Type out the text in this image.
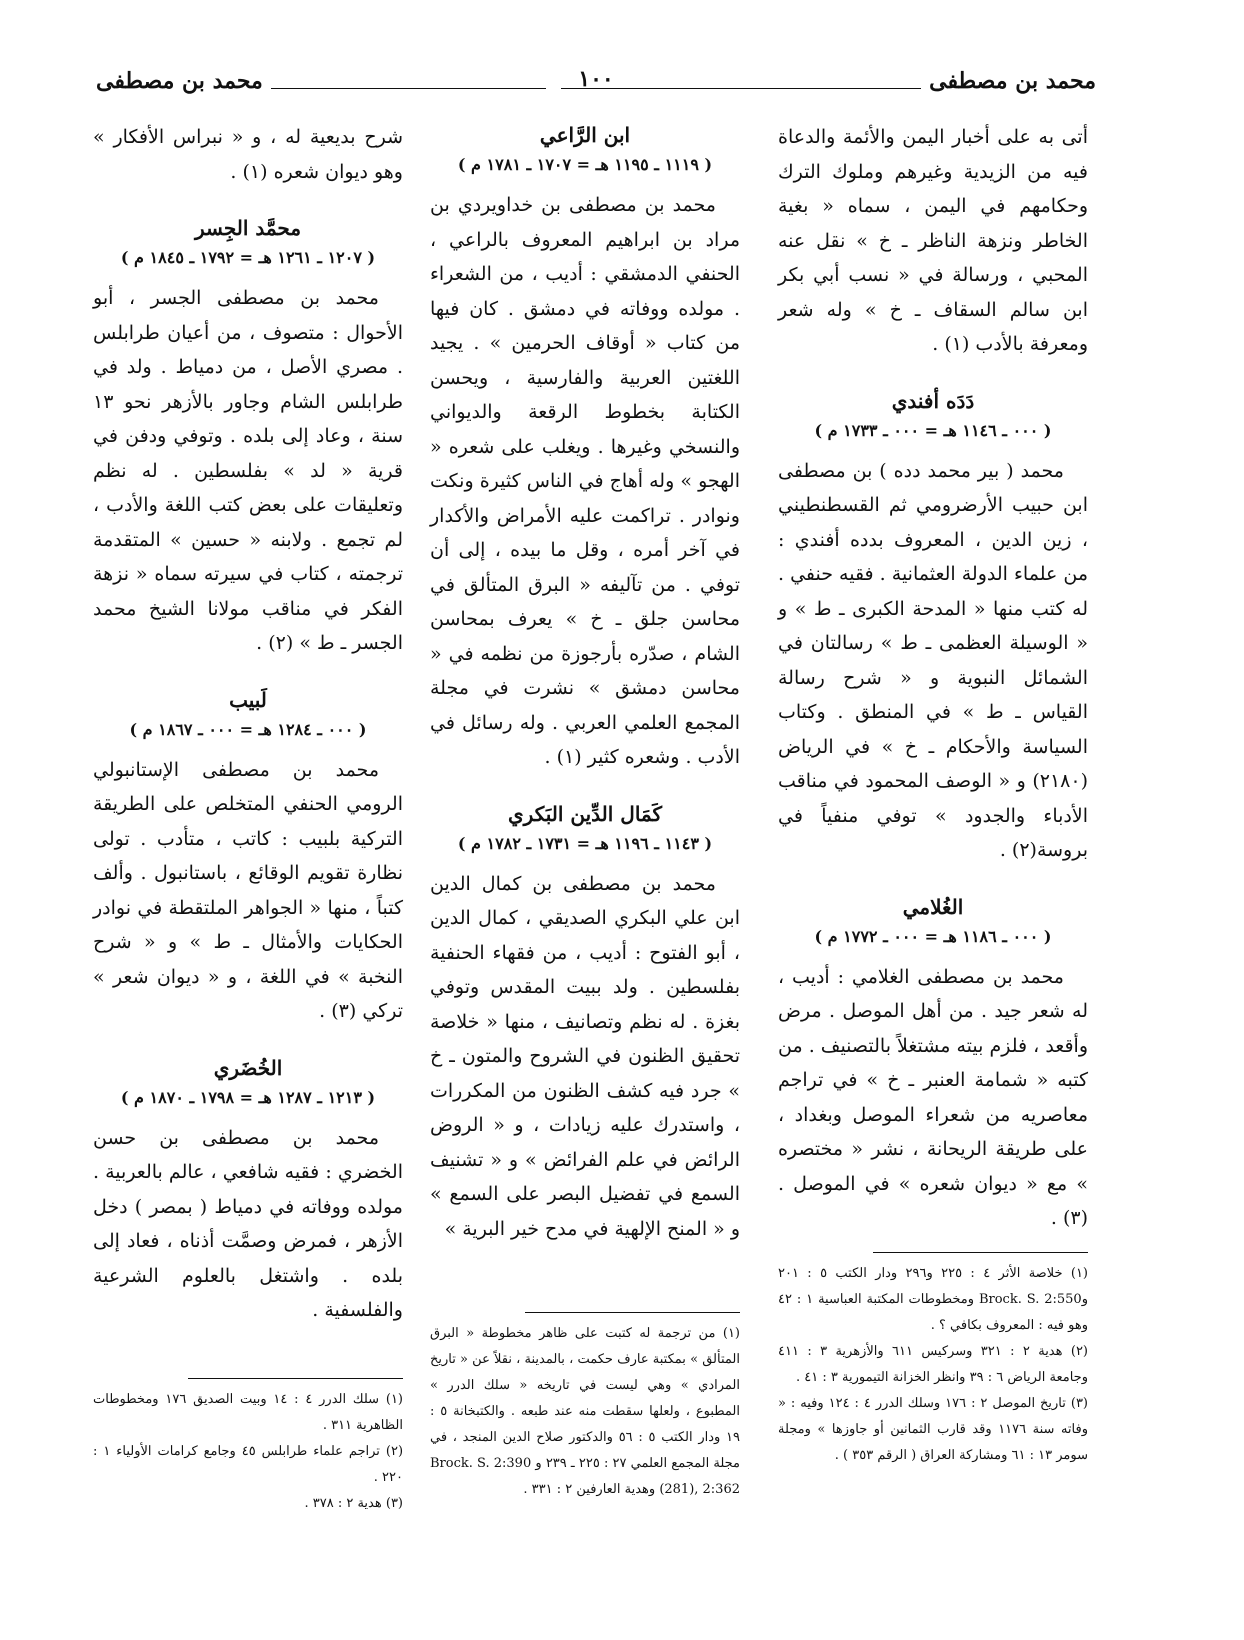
محمد بن مصطفى
١٠٠
محمد بن مصطفى

أتى به على أخبار اليمن والأئمة والدعاة فيه من الزيدية وغيرهم وملوك الترك وحكامهم في اليمن ، سماه « بغية الخاطر ونزهة الناظر ـ خ » نقل عنه المحبي ، ورسالة في « نسب أبي بكر ابن سالم السقاف ـ خ » وله شعر ومعرفة بالأدب (١) .

دَدَه أفندي

( ٠٠٠ ـ ١١٤٦ هـ = ٠٠٠ ـ ١٧٣٣ م )

محمد ( بير محمد دده ) بن مصطفى ابن حبيب الأرضرومي ثم القسطنطيني ، زين الدين ، المعروف بدده أفندي : من علماء الدولة العثمانية . فقيه حنفي . له كتب منها « المدحة الكبرى ـ ط » و « الوسيلة العظمى ـ ط » رسالتان في الشمائل النبوية و « شرح رسالة القياس ـ ط » في المنطق . وكتاب السياسة والأحكام ـ خ » في الرياض (٢١٨٠) و « الوصف المحمود في مناقب الأدباء والجدود » توفي منفياً في بروسة(٢) .

الغُلامي

( ٠٠٠ ـ ١١٨٦ هـ = ٠٠٠ ـ ١٧٧٢ م )

محمد بن مصطفى الغلامي : أديب ، له شعر جيد . من أهل الموصل . مرض وأقعد ، فلزم بيته مشتغلاً بالتصنيف . من كتبه « شمامة العنبر ـ خ » في تراجم معاصريه من شعراء الموصل وبغداد ، على طريقة الريحانة ، نشر « مختصره » مع « ديوان شعره » في الموصل . (٣) .

(١) خلاصة الأثر ٤ : ٢٢٥ و٢٩٦ ودار الكتب ٥ : ٢٠١ وBrock. S. 2:550 ومخطوطات المكتبة العباسية ١ : ٤٢ وهو فيه : المعروف بكافي ؟ .

(٢) هدية ٢ : ٣٢١ وسركيس ٦١١ والأزهرية ٣ : ٤١١ وجامعة الرياض ٦ : ٣٩ وانظر الخزانة التيمورية ٣ : ٤١ .

(٣) تاريخ الموصل ٢ : ١٧٦ وسلك الدرر ٤ : ١٢٤ وفيه : « وفاته سنة ١١٧٦ وقد قارب الثمانين أو جاوزها » ومجلة سومر ١٣ : ٦١ ومشاركة العراق ( الرقم ٣٥٣ ) .

ابن الرَّاعي

( ١١١٩ ـ ١١٩٥ هـ = ١٧٠٧ ـ ١٧٨١ م )

محمد بن مصطفى بن خداويردي بن مراد بن ابراهيم المعروف بالراعي ، الحنفي الدمشقي : أديب ، من الشعراء . مولده ووفاته في دمشق . كان فيها من كتاب « أوقاف الحرمين » . يجيد اللغتين العربية والفارسية ، ويحسن الكتابة بخطوط الرقعة والديواني والنسخي وغيرها . ويغلب على شعره « الهجو » وله أهاج في الناس كثيرة ونكت ونوادر . تراكمت عليه الأمراض والأكدار في آخر أمره ، وقل ما بيده ، إلى أن توفي . من تآليفه « البرق المتألق في محاسن جلق ـ خ » يعرف بمحاسن الشام ، صدّره بأرجوزة من نظمه في « محاسن دمشق » نشرت في مجلة المجمع العلمي العربي . وله رسائل في الأدب . وشعره كثير (١) .

كَمَال الدِّين البَكري

( ١١٤٣ ـ ١١٩٦ هـ = ١٧٣١ ـ ١٧٨٢ م )

محمد بن مصطفى بن كمال الدين ابن علي البكري الصديقي ، كمال الدين ، أبو الفتوح : أديب ، من فقهاء الحنفية بفلسطين . ولد ببيت المقدس وتوفي بغزة . له نظم وتصانيف ، منها « خلاصة تحقيق الظنون في الشروح والمتون ـ خ » جرد فيه كشف الظنون من المكررات ، واستدرك عليه زيادات ، و « الروض الرائض في علم الفرائض » و « تشنيف السمع في تفضيل البصر على السمع » و « المنح الإلهية في مدح خير البرية »

(١) من ترجمة له كتبت على ظاهر مخطوطة « البرق المتألق » بمكتبة عارف حكمت ، بالمدينة ، نقلاً عن « تاريخ المرادي » وهي ليست في تاريخه « سلك الدرر » المطبوع ، ولعلها سقطت منه عند طبعه . والكتبخانة ٥ : ١٩ ودار الكتب ٥ : ٥٦ والدكتور صلاح الدين المنجد ، في مجلة المجمع العلمي ٢٧ : ٢٢٥ ـ ٢٣٩ و Brock. S. 2:390 (281), 2:362 وهدية العارفين ٢ : ٣٣١ .

شرح بديعية له ، و « نبراس الأفكار » وهو ديوان شعره (١) .

محمَّد الجِسر

( ١٢٠٧ ـ ١٢٦١ هـ = ١٧٩٢ ـ ١٨٤٥ م )

محمد بن مصطفى الجسر ، أبو الأحوال : متصوف ، من أعيان طرابلس . مصري الأصل ، من دمياط . ولد في طرابلس الشام وجاور بالأزهر نحو ١٣ سنة ، وعاد إلى بلده . وتوفي ودفن في قرية « لد » بفلسطين . له نظم وتعليقات على بعض كتب اللغة والأدب ، لم تجمع . ولابنه « حسين » المتقدمة ترجمته ، كتاب في سيرته سماه « نزهة الفكر في مناقب مولانا الشيخ محمد الجسر ـ ط » (٢) .

لَبيب

( ٠٠٠ ـ ١٢٨٤ هـ = ٠٠٠ ـ ١٨٦٧ م )

محمد بن مصطفى الإستانبولي الرومي الحنفي المتخلص على الطريقة التركية بلبيب : كاتب ، متأدب . تولى نظارة تقويم الوقائع ، باستانبول . وألف كتباً ، منها « الجواهر الملتقطة في نوادر الحكايات والأمثال ـ ط » و « شرح النخبة » في اللغة ، و « ديوان شعر » تركي (٣) .

الخُضَري

( ١٢١٣ ـ ١٢٨٧ هـ = ١٧٩٨ ـ ١٨٧٠ م )

محمد بن مصطفى بن حسن الخضري : فقيه شافعي ، عالم بالعربية . مولده ووفاته في دمياط ( بمصر ) دخل الأزهر ، فمرض وصمَّت أذناه ، فعاد إلى بلده . واشتغل بالعلوم الشرعية والفلسفية .

(١) سلك الدرر ٤ : ١٤ وبيت الصديق ١٧٦ ومخطوطات الظاهرية ٣١١ .

(٢) تراجم علماء طرابلس ٤٥ وجامع كرامات الأولياء ١ : ٢٢٠ .

(٣) هدية ٢ : ٣٧٨ .
